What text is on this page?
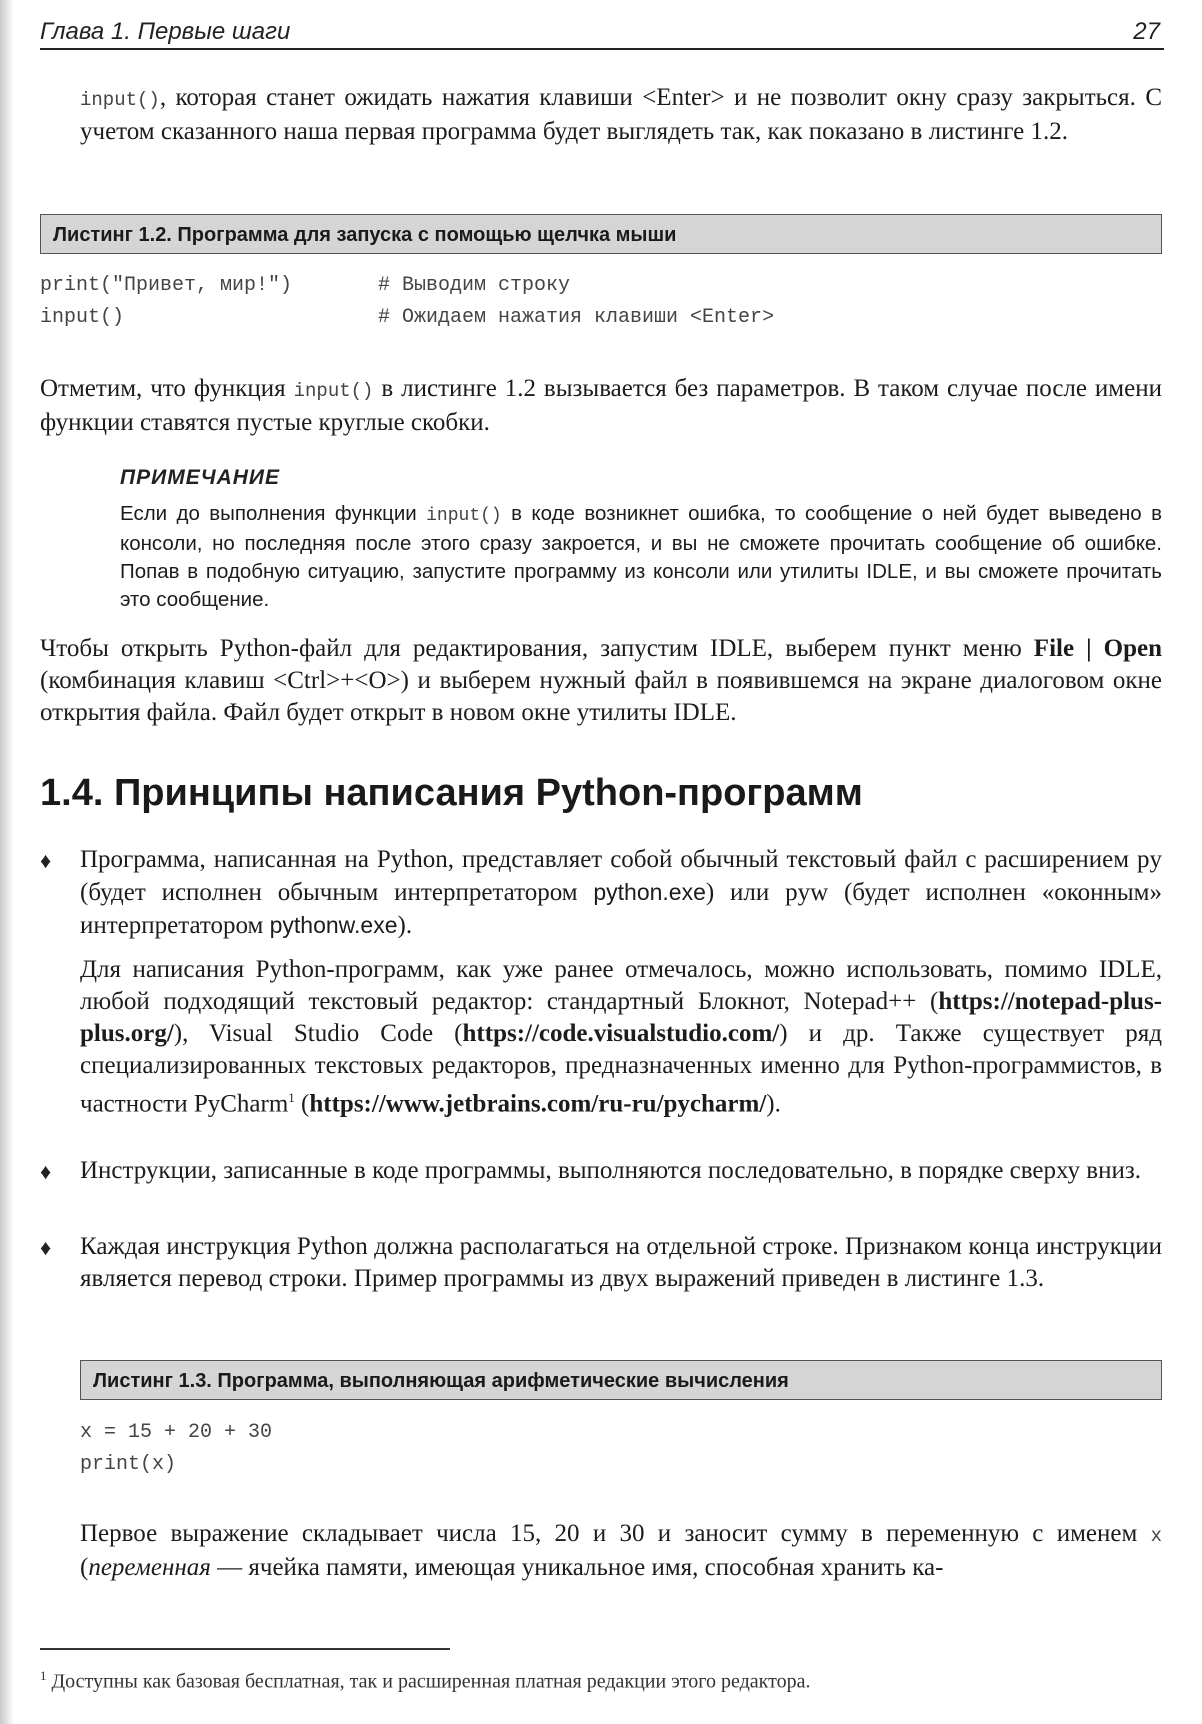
Глава 1. Первые шаги	27

input(), которая станет ожидать нажатия клавиши <Enter> и не позволит окну сразу закрыться. С учетом сказанного наша первая программа будет выглядеть так, как показано в листинге 1.2.

Листинг 1.2. Программа для запуска с помощью щелчка мыши
print("Привет, мир!")	# Выводим строку
input()	# Ожидаем нажатия клавиши <Enter>

Отметим, что функция input() в листинге 1.2 вызывается без параметров. В таком случае после имени функции ставятся пустые круглые скобки.

ПРИМЕЧАНИЕ

Если до выполнения функции input() в коде возникнет ошибка, то сообщение о ней будет выведено в консоли, но последняя после этого сразу закроется, и вы не сможете прочитать сообщение об ошибке. Попав в подобную ситуацию, запустите программу из консоли или утилиты IDLE, и вы сможете прочитать это сообщение.

Чтобы открыть Python-файл для редактирования, запустим IDLE, выберем пункт меню File | Open (комбинация клавиш <Ctrl>+<O>) и выберем нужный файл в появившемся на экране диалоговом окне открытия файла. Файл будет открыт в новом окне утилиты IDLE.

1.4. Принципы написания Python-программ
♦ Программа, написанная на Python, представляет собой обычный текстовый файл с расширением py (будет исполнен обычным интерпретатором python.exe) или pyw (будет исполнен «оконным» интерпретатором pythonw.exe).

Для написания Python-программ, как уже ранее отмечалось, можно использовать, помимо IDLE, любой подходящий текстовый редактор: стандартный Блокнот, Notepad++ (https://notepad-plus-plus.org/), Visual Studio Code (https://code.visualstudio.com/) и др. Также существует ряд специализированных текстовых редакторов, предназначенных именно для Python-программистов, в частности PyCharm$^1$ (https://www.jetbrains.com/ru-ru/pycharm/).

♦ Инструкции, записанные в коде программы, выполняются последовательно, в порядке сверху вниз.

♦ Каждая инструкция Python должна располагаться на отдельной строке. Признаком конца инструкции является перевод строки. Пример программы из двух выражений приведен в листинге 1.3.

Листинг 1.3. Программа, выполняющая арифметические вычисления
x = 15 + 20 + 30
print(x)

Первое выражение складывает числа 15, 20 и 30 и заносит сумму в переменную с именем x (переменная — ячейка памяти, имеющая уникальное имя, способная хранить ка-

$^1$ Доступны как базовая бесплатная, так и расширенная платная редакции этого редактора.
